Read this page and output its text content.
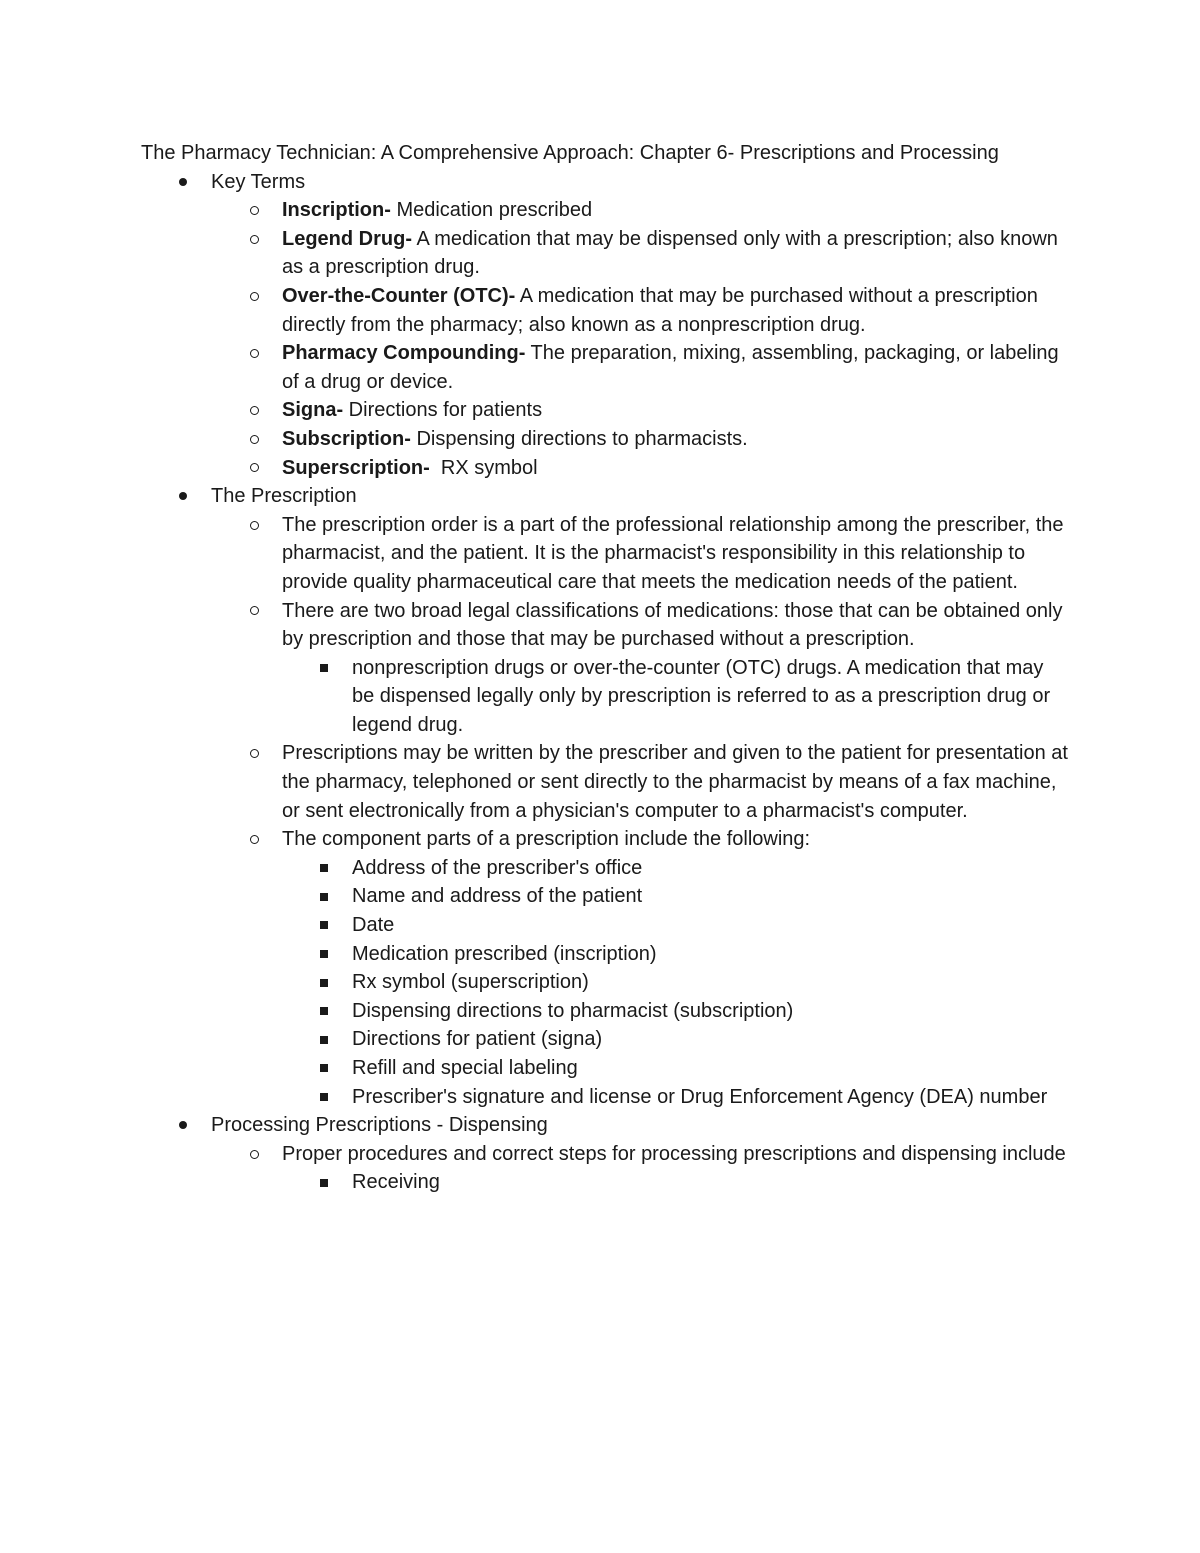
The Pharmacy Technician: A Comprehensive Approach: Chapter 6- Prescriptions and Processing
Key Terms
Inscription- Medication prescribed
Legend Drug- A medication that may be dispensed only with a prescription; also known as a prescription drug.
Over-the-Counter (OTC)- A medication that may be purchased without a prescription directly from the pharmacy; also known as a nonprescription drug.
Pharmacy Compounding- The preparation, mixing, assembling, packaging, or labeling of a drug or device.
Signa- Directions for patients
Subscription- Dispensing directions to pharmacists.
Superscription-  RX symbol
The Prescription
The prescription order is a part of the professional relationship among the prescriber, the pharmacist, and the patient. It is the pharmacist's responsibility in this relationship to provide quality pharmaceutical care that meets the medication needs of the patient.
There are two broad legal classifications of medications: those that can be obtained only by prescription and those that may be purchased without a prescription.
nonprescription drugs or over-the-counter (OTC) drugs. A medication that may be dispensed legally only by prescription is referred to as a prescription drug or legend drug.
Prescriptions may be written by the prescriber and given to the patient for presentation at the pharmacy, telephoned or sent directly to the pharmacist by means of a fax machine, or sent electronically from a physician's computer to a pharmacist's computer.
The component parts of a prescription include the following:
Address of the prescriber's office
Name and address of the patient
Date
Medication prescribed (inscription)
Rx symbol (superscription)
Dispensing directions to pharmacist (subscription)
Directions for patient (signa)
Refill and special labeling
Prescriber's signature and license or Drug Enforcement Agency (DEA) number
Processing Prescriptions - Dispensing
Proper procedures and correct steps for processing prescriptions and dispensing include
Receiving
